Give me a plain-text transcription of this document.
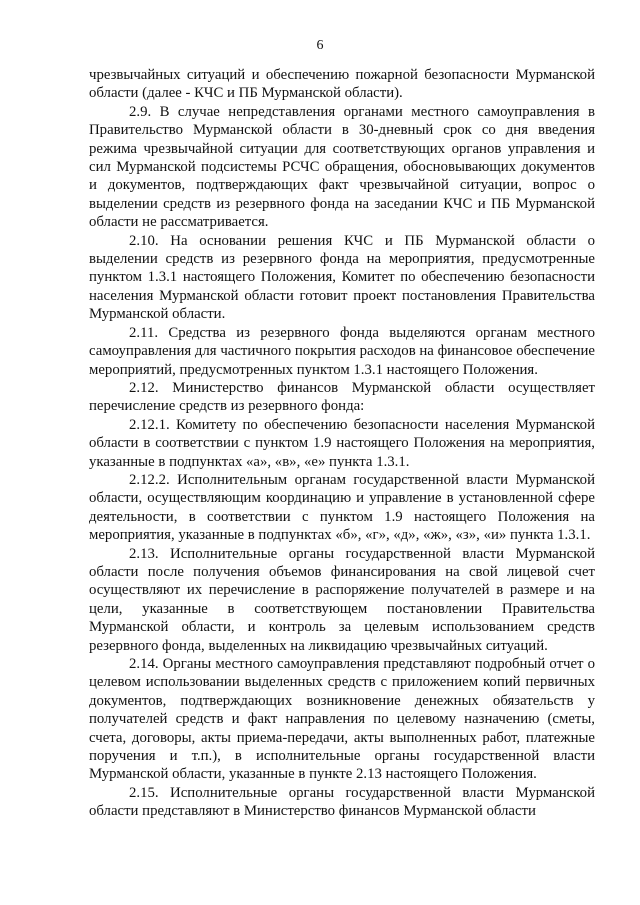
6

чрезвычайных ситуаций и обеспечению пожарной безопасности Мурманской области (далее - КЧС и ПБ Мурманской области).

2.9. В случае непредставления органами местного самоуправления в Правительство Мурманской области в 30-дневный срок со дня введения режима чрезвычайной ситуации для соответствующих органов управления и сил Мурманской подсистемы РСЧС обращения, обосновывающих документов и документов, подтверждающих факт чрезвычайной ситуации, вопрос о выделении средств из резервного фонда на заседании КЧС и ПБ Мурманской области не рассматривается.

2.10. На основании решения КЧС и ПБ Мурманской области о выделении средств из резервного фонда на мероприятия, предусмотренные пунктом 1.3.1 настоящего Положения, Комитет по обеспечению безопасности населения Мурманской области готовит проект постановления Правительства Мурманской области.

2.11. Средства из резервного фонда выделяются органам местного самоуправления для частичного покрытия расходов на финансовое обеспечение мероприятий, предусмотренных пунктом 1.3.1 настоящего Положения.

2.12. Министерство финансов Мурманской области осуществляет перечисление средств из резервного фонда:

2.12.1. Комитету по обеспечению безопасности населения Мурманской области в соответствии с пунктом 1.9 настоящего Положения на мероприятия, указанные в подпунктах «а», «в», «е» пункта 1.3.1.

2.12.2. Исполнительным органам государственной власти Мурманской области, осуществляющим координацию и управление в установленной сфере деятельности, в соответствии с пунктом 1.9 настоящего Положения на мероприятия, указанные в подпунктах «б», «г», «д», «ж», «з», «и» пункта 1.3.1.

2.13. Исполнительные органы государственной власти Мурманской области после получения объемов финансирования на свой лицевой счет осуществляют их перечисление в распоряжение получателей в размере и на цели, указанные в соответствующем постановлении Правительства Мурманской области, и контроль за целевым использованием средств резервного фонда, выделенных на ликвидацию чрезвычайных ситуаций.

2.14. Органы местного самоуправления представляют подробный отчет о целевом использовании выделенных средств с приложением копий первичных документов, подтверждающих возникновение денежных обязательств у получателей средств и факт направления по целевому назначению (сметы, счета, договоры, акты приема-передачи, акты выполненных работ, платежные поручения и т.п.), в исполнительные органы государственной власти Мурманской области, указанные в пункте 2.13 настоящего Положения.

2.15. Исполнительные органы государственной власти Мурманской области представляют в Министерство финансов Мурманской области
